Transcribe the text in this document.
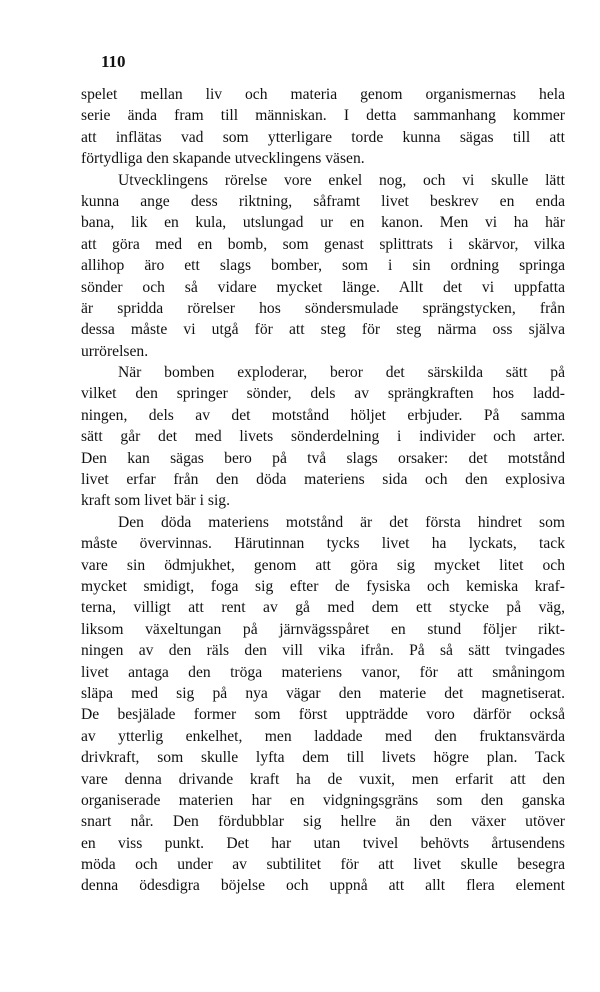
110
spelet mellan liv och materia genom organismernas hela
serie ända fram till människan. I detta sammanhang kommer
att inflätas vad som ytterligare torde kunna sägas till att
förtydliga den skapande utvecklingens väsen.
Utvecklingens rörelse vore enkel nog, och vi skulle lätt
kunna ange dess riktning, såframt livet beskrev en enda
bana, lik en kula, utslungad ur en kanon. Men vi ha här
att göra med en bomb, som genast splittrats i skärvor, vilka
allihop äro ett slags bomber, som i sin ordning springa
sönder och så vidare mycket länge. Allt det vi uppfatta
är spridda rörelser hos söndersmulade sprängstycken, från
dessa måste vi utgå för att steg för steg närma oss själva
urrörelsen.
När bomben exploderar, beror det särskilda sätt på
vilket den springer sönder, dels av sprängkraften hos ladd-
ningen, dels av det motstånd höljet erbjuder. På samma
sätt går det med livets sönderdelning i individer och arter.
Den kan sägas bero på två slags orsaker: det motstånd
livet erfar från den döda materiens sida och den explosiva
kraft som livet bär i sig.
Den döda materiens motstånd är det första hindret som
måste övervinnas. Härutinnan tycks livet ha lyckats, tack
vare sin ödmjukhet, genom att göra sig mycket litet och
mycket smidigt, foga sig efter de fysiska och kemiska kraf-
terna, villigt att rent av gå med dem ett stycke på väg,
liksom växeltungan på järnvägsspåret en stund följer rikt-
ningen av den räls den vill vika ifrån. På så sätt tvingades
livet antaga den tröga materiens vanor, för att småningom
släpa med sig på nya vägar den materie det magnetiserat.
De besjälade former som först uppträdde voro därför också
av ytterlig enkelhet, men laddade med den fruktansvärda
drivkraft, som skulle lyfta dem till livets högre plan. Tack
vare denna drivande kraft ha de vuxit, men erfarit att den
organiserade materien har en vidgningsgräns som den ganska
snart når. Den fördubblar sig hellre än den växer utöver
en viss punkt. Det har utan tvivel behövts årtusendens
möda och under av subtilitet för att livet skulle besegra
denna ödesdigra böjelse och uppnå att allt flera element
